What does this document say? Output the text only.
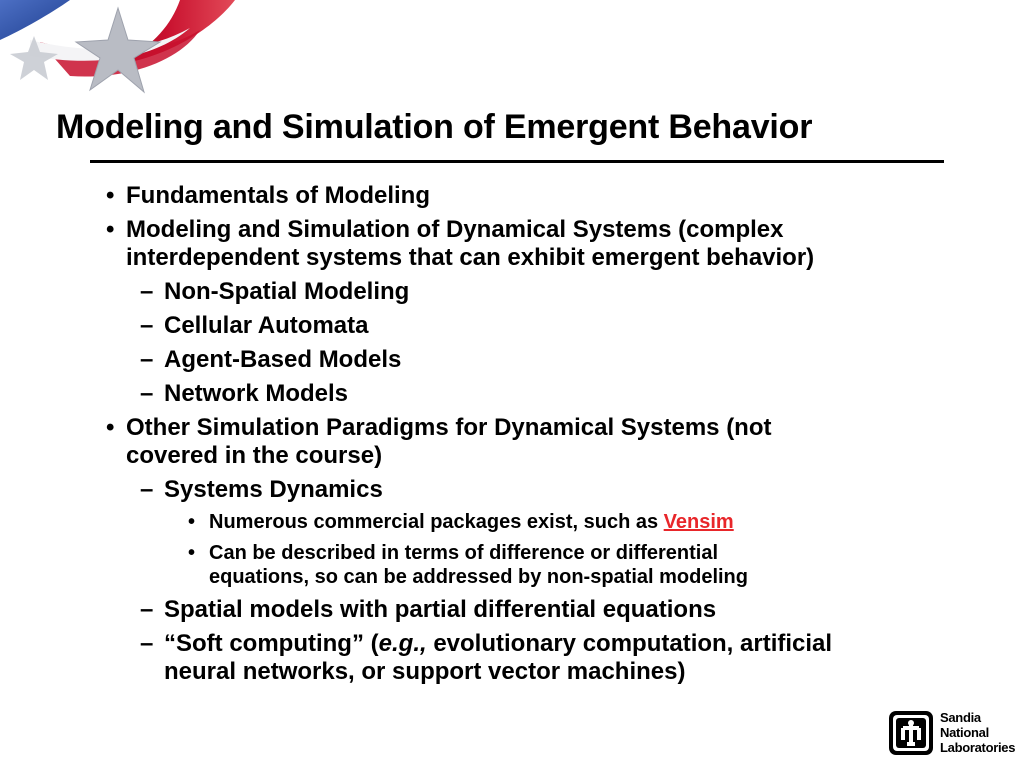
Modeling and Simulation of Emergent Behavior
• Fundamentals of Modeling
• Modeling and Simulation of Dynamical Systems (complex
interdependent systems that can exhibit emergent behavior)
– Non-Spatial Modeling
– Cellular Automata
– Agent-Based Models
– Network Models
• Other Simulation Paradigms for Dynamical Systems (not
covered in the course)
– Systems Dynamics
• Numerous commercial packages exist, such as Vensim
• Can be described in terms of difference or differential
equations, so can be addressed by non-spatial modeling
– Spatial models with partial differential equations
– “Soft computing” (e.g., evolutionary computation, artificial
neural networks, or support vector machines)
Sandia
National
Laboratories
